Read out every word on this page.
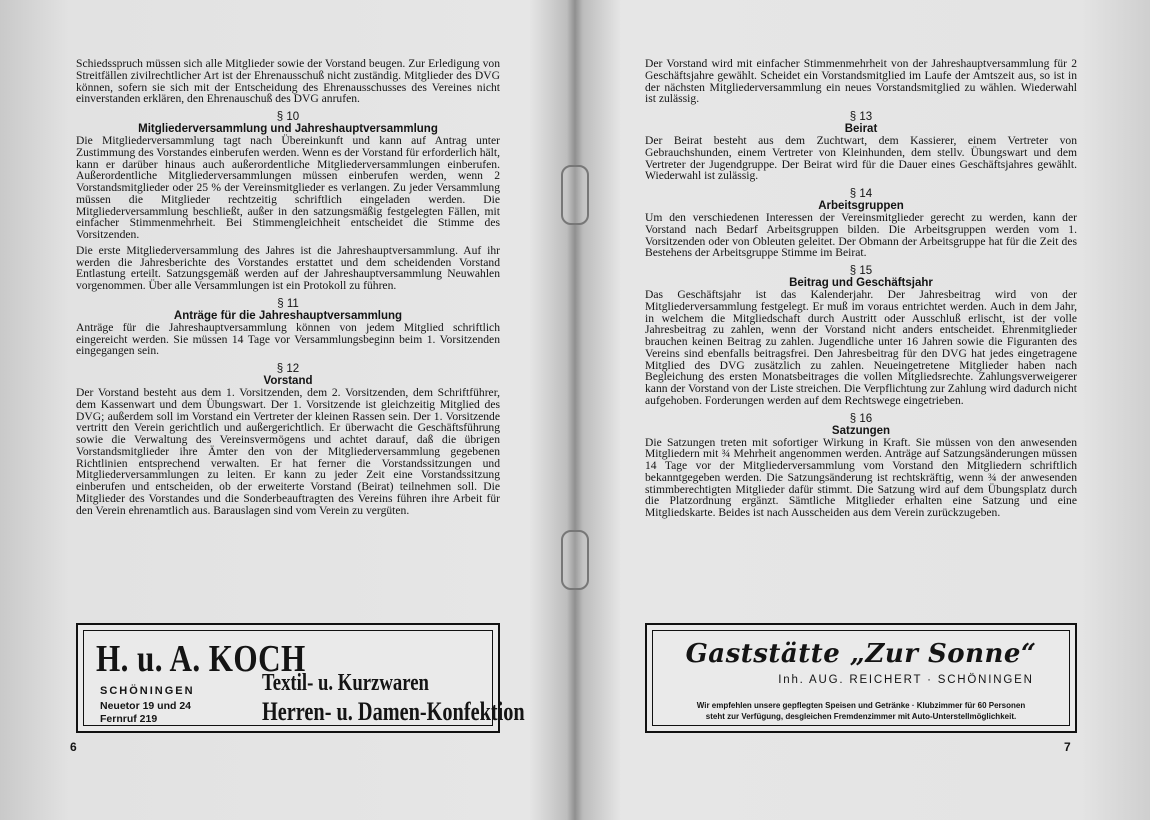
Schiedsspruch müssen sich alle Mitglieder sowie der Vorstand beugen. Zur Erledigung von Streitfällen zivilrechtlicher Art ist der Ehrenausschuß nicht zuständig. Mitglieder des DVG können, sofern sie sich mit der Entscheidung des Ehrenausschusses des Vereines nicht einverstanden erklären, den Ehrenauschuß des DVG anrufen.

§ 10
Mitgliederversammlung und Jahreshauptversammlung

Die Mitgliederversammlung tagt nach Übereinkunft und kann auf Antrag unter Zustimmung des Vorstandes einberufen werden. Wenn es der Vorstand für erforderlich hält, kann er darüber hinaus auch außerordentliche Mitgliederversammlungen einberufen. Außerordentliche Mitgliederversammlungen müssen einberufen werden, wenn 2 Vorstandsmitglieder oder 25 % der Vereinsmitglieder es verlangen. Zu jeder Versammlung müssen die Mitglieder rechtzeitig schriftlich eingeladen werden. Die Mitgliederversammlung beschließt, außer in den satzungsmäßig festgelegten Fällen, mit einfacher Stimmenmehrheit. Bei Stimmengleichheit entscheidet die Stimme des Vorsitzenden.

Die erste Mitgliederversammlung des Jahres ist die Jahreshauptversammlung. Auf ihr werden die Jahresberichte des Vorstandes erstattet und dem scheidenden Vorstand Entlastung erteilt. Satzungsgemäß werden auf der Jahreshauptversammlung Neuwahlen vorgenommen. Über alle Versammlungen ist ein Protokoll zu führen.

§ 11
Anträge für die Jahreshauptversammlung

Anträge für die Jahreshauptversammlung können von jedem Mitglied schriftlich eingereicht werden. Sie müssen 14 Tage vor Versammlungsbeginn beim 1. Vorsitzenden eingegangen sein.

§ 12
Vorstand

Der Vorstand besteht aus dem 1. Vorsitzenden, dem 2. Vorsitzenden, dem Schriftführer, dem Kassenwart und dem Übungswart. Der 1. Vorsitzende ist gleichzeitig Mitglied des DVG; außerdem soll im Vorstand ein Vertreter der kleinen Rassen sein. Der 1. Vorsitzende vertritt den Verein gerichtlich und außergerichtlich. Er überwacht die Geschäftsführung sowie die Verwaltung des Vereinsvermögens und achtet darauf, daß die übrigen Vorstandsmitglieder ihre Ämter den von der Mitgliederversammlung gegebenen Richtlinien entsprechend verwalten. Er hat ferner die Vorstandssitzungen und Mitgliederversammlungen zu leiten. Er kann zu jeder Zeit eine Vorstandssitzung einberufen und entscheiden, ob der erweiterte Vorstand (Beirat) teilnehmen soll. Die Mitglieder des Vorstandes und die Sonderbeauftragten des Vereins führen ihre Arbeit für den Verein ehrenamtlich aus. Barauslagen sind vom Verein zu vergüten.

H. u. A. KOCH
SCHÖNINGEN
Neuetor 19 und 24
Fernruf 219
Textil- u. Kurzwaren
Herren- u. Damen-Konfektion
6

Der Vorstand wird mit einfacher Stimmenmehrheit von der Jahreshauptversammlung für 2 Geschäftsjahre gewählt. Scheidet ein Vorstandsmitglied im Laufe der Amtszeit aus, so ist in der nächsten Mitgliederversammlung ein neues Vorstandsmitglied zu wählen. Wiederwahl ist zulässig.

§ 13
Beirat

Der Beirat besteht aus dem Zuchtwart, dem Kassierer, einem Vertreter von Gebrauchshunden, einem Vertreter von Kleinhunden, dem stellv. Übungswart und dem Vertreter der Jugendgruppe. Der Beirat wird für die Dauer eines Geschäftsjahres gewählt. Wiederwahl ist zulässig.

§ 14
Arbeitsgruppen

Um den verschiedenen Interessen der Vereinsmitglieder gerecht zu werden, kann der Vorstand nach Bedarf Arbeitsgruppen bilden. Die Arbeitsgruppen werden vom 1. Vorsitzenden oder von Obleuten geleitet. Der Obmann der Arbeitsgruppe hat für die Zeit des Bestehens der Arbeitsgruppe Stimme im Beirat.

§ 15
Beitrag und Geschäftsjahr

Das Geschäftsjahr ist das Kalenderjahr. Der Jahresbeitrag wird von der Mitgliederversammlung festgelegt. Er muß im voraus entrichtet werden. Auch in dem Jahr, in welchem die Mitgliedschaft durch Austritt oder Ausschluß erlischt, ist der volle Jahresbeitrag zu zahlen, wenn der Vorstand nicht anders entscheidet. Ehrenmitglieder brauchen keinen Beitrag zu zahlen. Jugendliche unter 16 Jahren sowie die Figuranten des Vereins sind ebenfalls beitragsfrei. Den Jahresbeitrag für den DVG hat jedes eingetragene Mitglied des DVG zusätzlich zu zahlen. Neueingetretene Mitglieder haben nach Begleichung des ersten Monatsbeitrages die vollen Mitgliedsrechte. Zahlungsverweigerer kann der Vorstand von der Liste streichen. Die Verpflichtung zur Zahlung wird dadurch nicht aufgehoben. Forderungen werden auf dem Rechtswege eingetrieben.

§ 16
Satzungen

Die Satzungen treten mit sofortiger Wirkung in Kraft. Sie müssen von den anwesenden Mitgliedern mit ¾ Mehrheit angenommen werden. Anträge auf Satzungsänderungen müssen 14 Tage vor der Mitgliederversammlung vom Vorstand den Mitgliedern schriftlich bekanntgegeben werden. Die Satzungsänderung ist rechtskräftig, wenn ¾ der anwesenden stimmberechtigten Mitglieder dafür stimmt. Die Satzung wird auf dem Übungsplatz durch die Platzordnung ergänzt. Sämtliche Mitglieder erhalten eine Satzung und eine Mitgliedskarte. Beides ist nach Ausscheiden aus dem Verein zurückzugeben.

Gaststätte „Zur Sonne“
Inh. AUG. REICHERT · SCHÖNINGEN
Wir empfehlen unsere gepflegten Speisen und Getränke · Klubzimmer für 60 Personen
steht zur Verfügung, desgleichen Fremdenzimmer mit Auto-Unterstellmöglichkeit.
7
